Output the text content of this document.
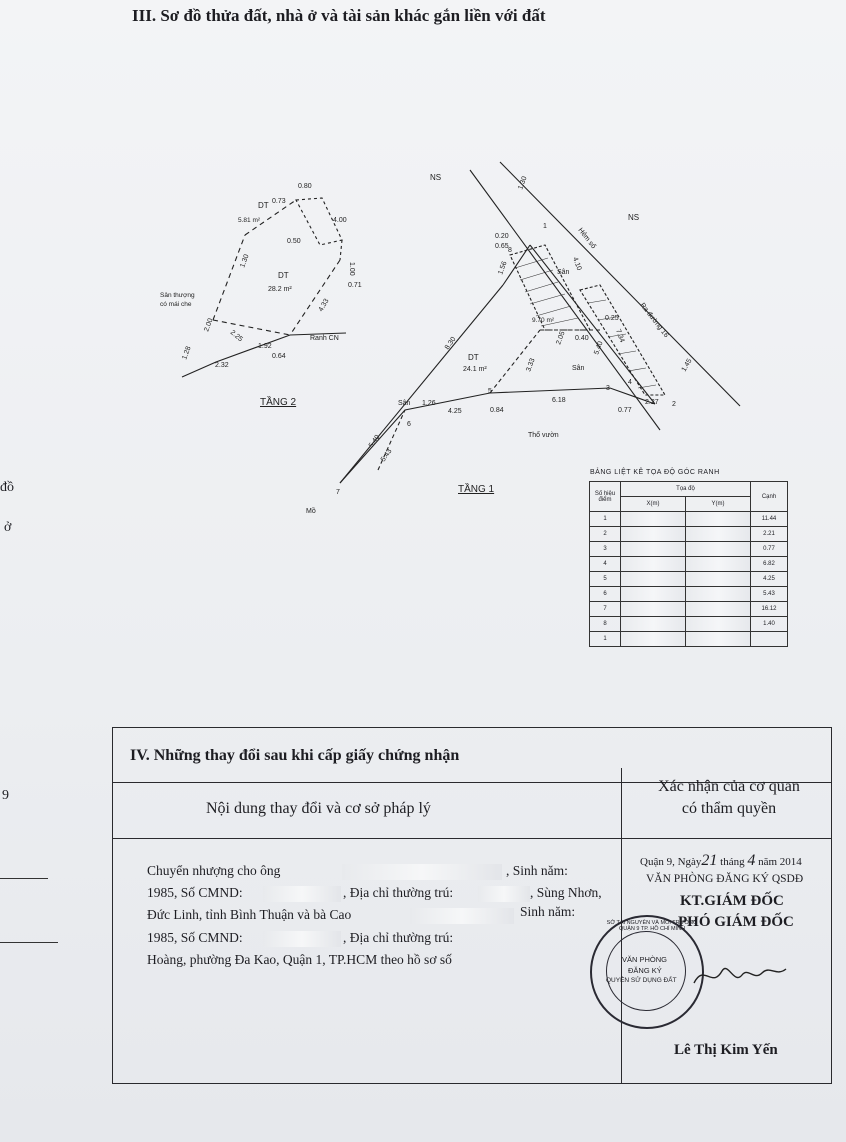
III. Sơ đồ thửa đất, nhà ở và tài sản khác gắn liền với đất
DT
5.81 m²
DT
28.2 m²
Sân thượng
có mái che
Ranh CN
0.80
0.73
0.50
4.00
1.30
1.00
0.71
4.33
2.00
2.25
1.92
0.64
1.28
2.32
TẦNG 2
NS
NS
Hẻm số
Ra đường 16
DT
24.1 m²
9.70 m²
Sân
Sân
Sân
Thổ vườn
Mồ
0.20
0.65
1.56
8.30
4.10
0.25
0.40
3.33
5.40
7.34
1.45
2.27
0.77
6.18
0.84
4.25
1.26
5.40
5.43
2.05
1.30
1
2
3
4
5
6
7
8
TẦNG 1
BẢNG LIỆT KÊ TỌA ĐỘ GÓC RANH
Số hiệu điểm	Tọa độ		Cạnh
	X(m)	Y(m)	
1			11.44
2			2.21
3			0.77
4			6.82
5			4.25
6			5.43
7			16.12
8			1.40
1			
đồ
ở
9
IV. Những thay đổi sau khi cấp giấy chứng nhận
Nội dung thay đổi và cơ sở pháp lý
Xác nhận của cơ quan
có thẩm quyền
Chuyển nhượng cho ông	, Sinh năm:
1985, Số CMND:	, Địa chỉ thường trú:	, Sùng Nhơn,
Đức Linh, tỉnh Bình Thuận và bà Cao	Sinh năm:
1985, Số CMND:	, Địa chỉ thường trú:
Hoàng, phường Đa Kao, Quận 1, TP.HCM theo hồ sơ số
Quận 9, Ngày21 tháng 4 năm 2014
VĂN PHÒNG ĐĂNG KÝ QSDĐ
KT.GIÁM ĐỐC
PHÓ GIÁM ĐỐC
VĂN PHÒNG
ĐĂNG KÝ
QUYỀN SỬ DỤNG ĐẤT
SỞ TÀI NGUYÊN VÀ MÔI TRƯỜNG QUẬN 9 TP. HỒ CHÍ MINH
Lê Thị Kim Yến
